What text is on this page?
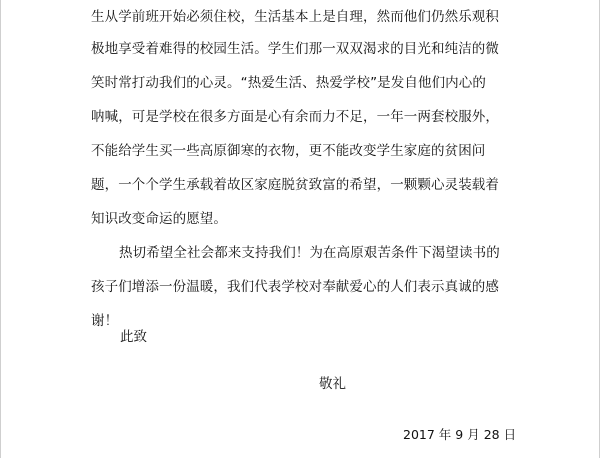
生从学前班开始必须住校，生活基本上是自理，然而他们仍然乐观积
极地享受着难得的校园生活。学生们那一双双渴求的目光和纯洁的微
笑时常打动我们的心灵。“热爱生活、热爱学校”是发自他们内心的
呐喊，可是学校在很多方面是心有余而力不足，一年一两套校服外，
不能给学生买一些高原御寒的衣物，更不能改变学生家庭的贫困问
题，一个个学生承载着故区家庭脱贫致富的希望，一颗颗心灵装载着
知识改变命运的愿望。
热切希望全社会都来支持我们！为在高原艰苦条件下渴望读书的
孩子们增添一份温暖，我们代表学校对奉献爱心的人们表示真诚的感
谢！
此致
敬礼
2017 年 9 月 28 日
